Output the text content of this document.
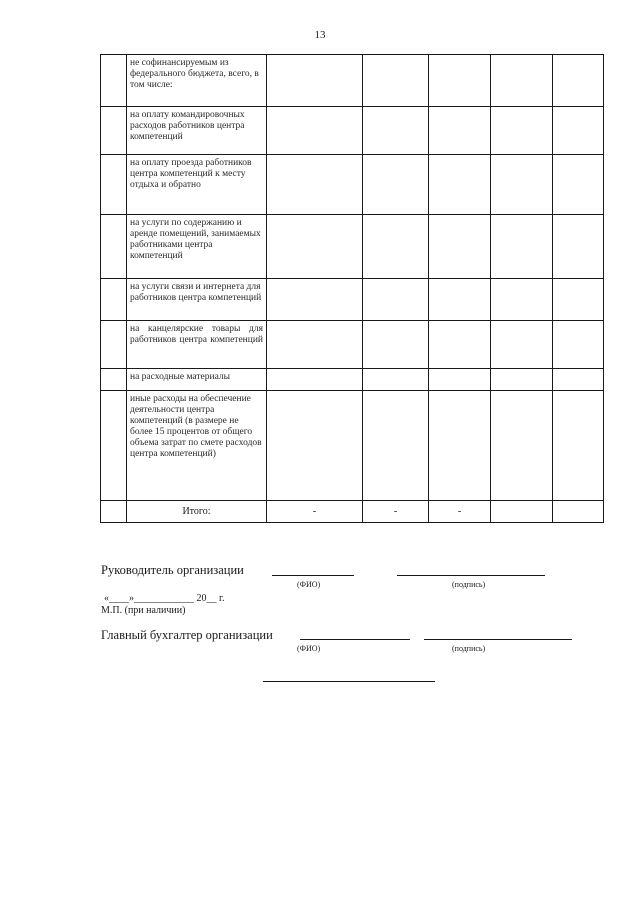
13
	не софинансируемым из федерального бюджета, всего, в том числе:					
	на оплату командировочных расходов работников центра компетенций					
	на оплату проезда работников центра компетенций к месту отдыха и обратно					
	на услуги по содержанию и аренде помещений, занимаемых работниками центра компетенций					
	на услуги связи и интернета для работников центра компетенций					
	на канцелярские товары для работников центра компетенций					
	на расходные материалы					
	иные расходы на обеспечение деятельности центра компетенций (в размере не более 15 процентов от общего объема затрат по смете расходов центра компетенций)					
	Итого:	-	-	-		
Руководитель организации
(ФИО)	(подпись)
«____»____________ 20__ г.
М.П. (при наличии)
Главный бухгалтер организации
(ФИО)	(подпись)
